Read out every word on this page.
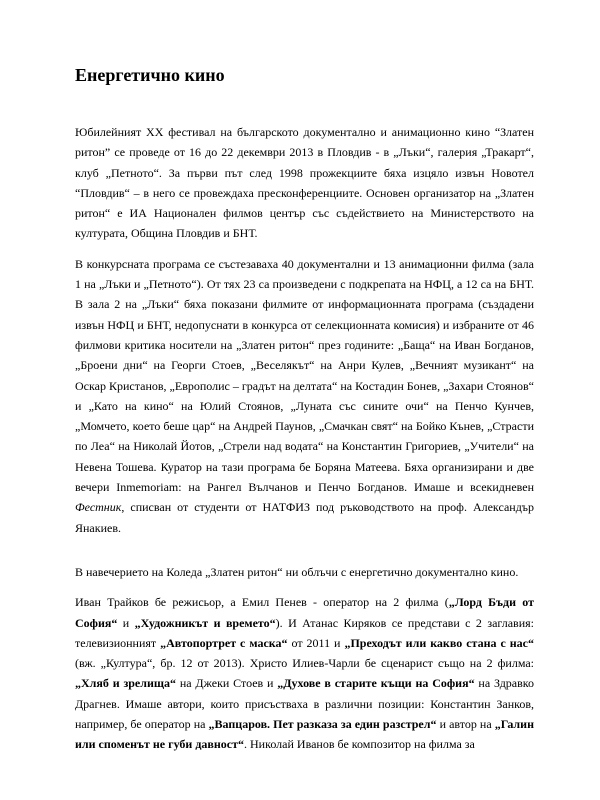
Енергетично кино

Юбилейният XX фестивал на българското документално и анимационно кино “Златен ритон” се проведе от 16 до 22 декември 2013 в Пловдив - в „Лъки“, галерия „Тракарт“, клуб „Петното“. За първи път след 1998 прожекциите бяха изцяло извън Новотел “Пловдив“ – в него се провеждаха пресконференциите. Основен организатор на „Златен ритон“ е ИА Национален филмов център със съдействието на Министерството на културата, Община Пловдив и БНТ.

В конкурсната програма се състезаваха 40 документални и 13 анимационни филма (зала 1 на „Лъки и „Петното“). От тях 23 са произведени с подкрепата на НФЦ, а 12 са на БНТ. В зала 2 на „Лъки“ бяха показани филмите от информационната програма (създадени извън НФЦ и БНТ, недопуснати в конкурса от селекционната комисия) и избраните от 46 филмови критика носители на „Златен ритон“ през годините: „Баща“ на Иван Богданов, „Броени дни“ на Георги Стоев, „Веселякът“ на Анри Кулев, „Вечният музикант“ на Оскар Кристанов, „Европолис – градът на делтата“ на Костадин Бонев, „Захари Стоянов“ и „Като на кино“ на Юлий Стоянов, „Луната със сините очи“ на Пенчо Кунчев, „Момчето, което беше цар“ на Андрей Паунов, „Смачкан свят“ на Бойко Кънев, „Страсти по Леа“ на Николай Йотов, „Стрели над водата“ на Константин Григориев, „Учители“ на Невена Тошева. Куратор на тази програма бе Боряна Матеева. Бяха организирани и две вечери Inmemoriam: на Рангел Вълчанов и Пенчо Богданов. Имаше и всекидневен Фестник, списван от студенти от НАТФИЗ под ръководството на проф. Александър Янакиев.

В навечерието на Коледа „Златен ритон“ ни облъчи с енергетично документално кино.

Иван Трайков бе режисьор, а Емил Пенев - оператор на 2 филма („Лорд Бъди от София“ и „Художникът и времето“). И Атанас Киряков се представи с 2 заглавия: телевизионният „Автопортрет с маска“ от 2011 и „Преходът или какво стана с нас“ (вж. „Култура“, бр. 12 от 2013). Христо Илиев-Чарли бе сценарист също на 2 филма: „Хляб и зрелища“ на Джеки Стоев и „Духове в старите къщи на София“ на Здравко Драгнев. Имаше автори, които присъстваха в различни позиции: Константин Занков, например, бе оператор на „Вапцаров. Пет разказа за един разстрел“ и автор на „Галин или споменът не губи давност“. Николай Иванов бе композитор на филма за
